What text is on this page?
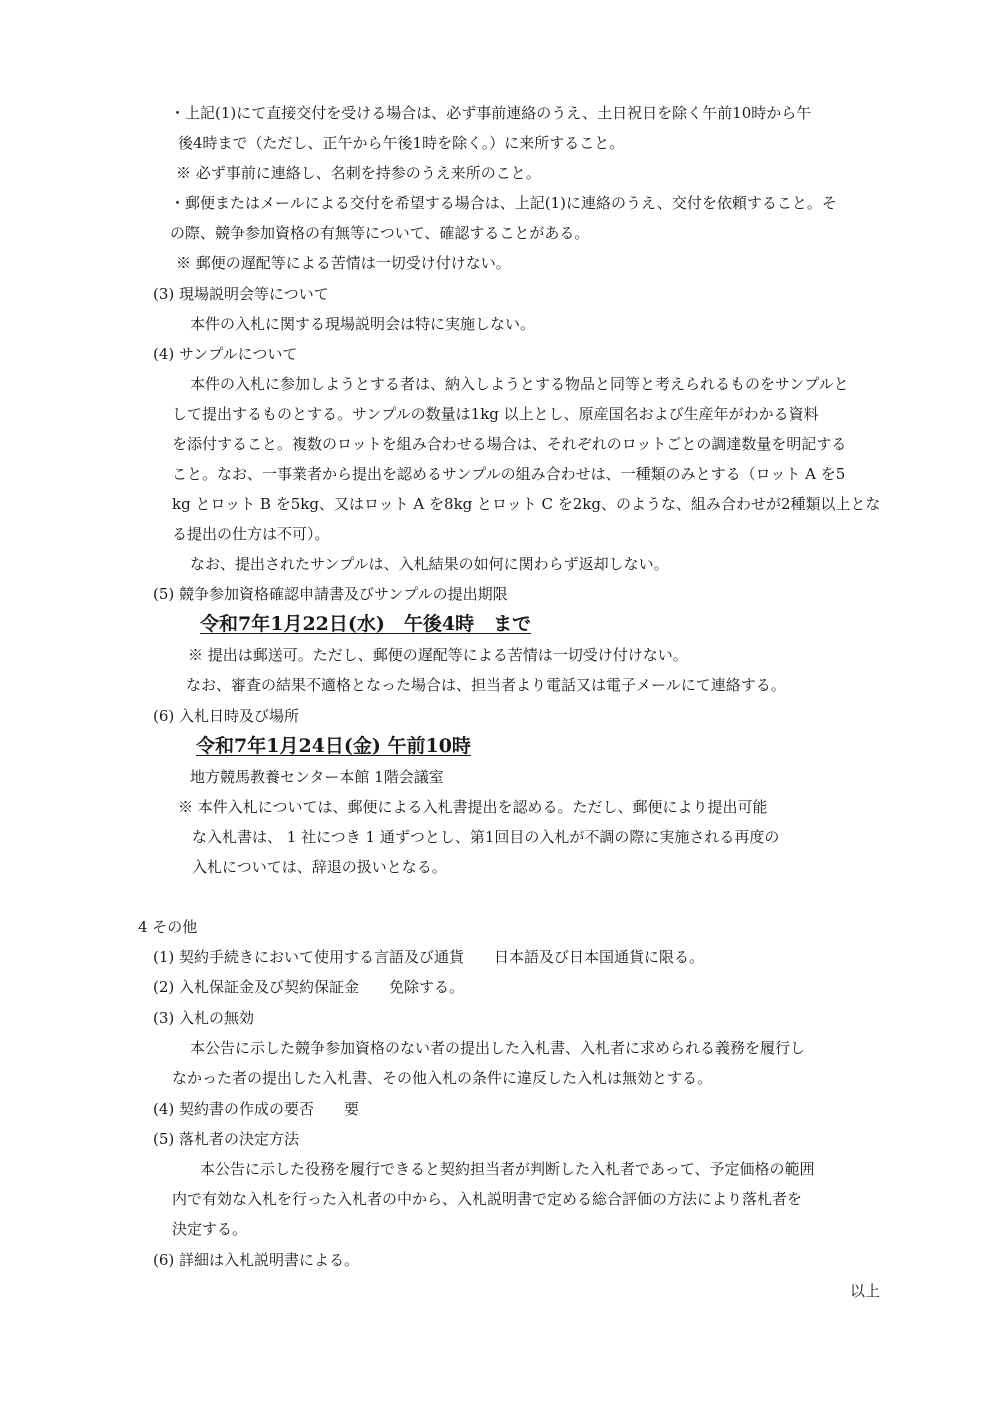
・上記(1)にて直接交付を受ける場合は、必ず事前連絡のうえ、土日祝日を除く午前10時から午

後4時まで（ただし、正午から午後1時を除く。）に来所すること。

※ 必ず事前に連絡し、名刺を持参のうえ来所のこと。

・郵便またはメールによる交付を希望する場合は、上記(1)に連絡のうえ、交付を依頼すること。そ

の際、競争参加資格の有無等について、確認することがある。

※ 郵便の遅配等による苦情は一切受け付けない。

(3) 現場説明会等について

本件の入札に関する現場説明会は特に実施しない。

(4) サンプルについて

本件の入札に参加しようとする者は、納入しようとする物品と同等と考えられるものをサンプルと

して提出するものとする。サンプルの数量は1kg 以上とし、原産国名および生産年がわかる資料

を添付すること。複数のロットを組み合わせる場合は、それぞれのロットごとの調達数量を明記する

こと。なお、一事業者から提出を認めるサンプルの組み合わせは、一種類のみとする（ロット A を5

kg とロット B を5kg、又はロット A を8kg とロット C を2kg、のような、組み合わせが2種類以上とな

る提出の仕方は不可）。

なお、提出されたサンプルは、入札結果の如何に関わらず返却しない。

(5) 競争参加資格確認申請書及びサンプルの提出期限

令和7年1月22日(水)　午後4時　まで

※ 提出は郵送可。ただし、郵便の遅配等による苦情は一切受け付けない。

なお、審査の結果不適格となった場合は、担当者より電話又は電子メールにて連絡する。

(6) 入札日時及び場所

令和7年1月24日(金) 午前10時

地方競馬教養センター本館 1階会議室

※ 本件入札については、郵便による入札書提出を認める。ただし、郵便により提出可能

な入札書は、 1 社につき 1 通ずつとし、第1回目の入札が不調の際に実施される再度の

入札については、辞退の扱いとなる。

4 その他

(1) 契約手続きにおいて使用する言語及び通貨　　日本語及び日本国通貨に限る。

(2) 入札保証金及び契約保証金　　免除する。

(3) 入札の無効

本公告に示した競争参加資格のない者の提出した入札書、入札者に求められる義務を履行し

なかった者の提出した入札書、その他入札の条件に違反した入札は無効とする。

(4) 契約書の作成の要否　　要

(5) 落札者の決定方法

本公告に示した役務を履行できると契約担当者が判断した入札者であって、予定価格の範囲

内で有効な入札を行った入札者の中から、入札説明書で定める総合評価の方法により落札者を

決定する。

(6) 詳細は入札説明書による。

以上
